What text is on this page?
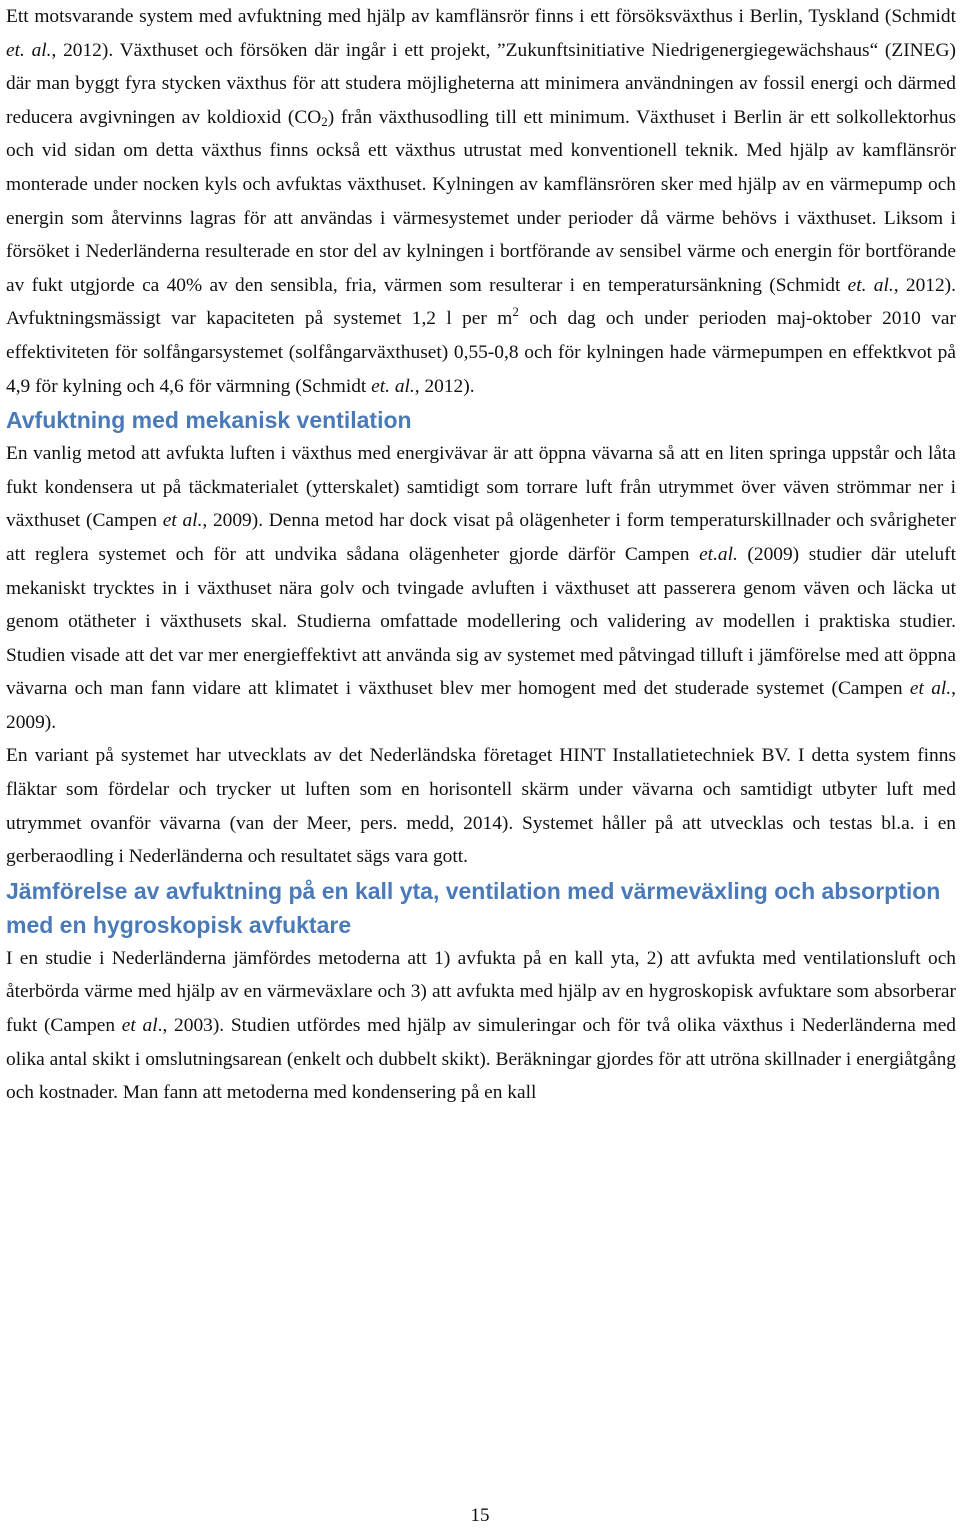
Ett motsvarande system med avfuktning med hjälp av kamflänsrör finns i ett försöksväxthus i Berlin, Tyskland (Schmidt et. al., 2012). Växthuset och försöken där ingår i ett projekt, ”Zukunftsinitiative Niedrigenergiegewächshaus“ (ZINEG) där man byggt fyra stycken växthus för att studera möjligheterna att minimera användningen av fossil energi och därmed reducera avgivningen av koldioxid $(CO_2)$ från växthusodling till ett minimum. Växthuset i Berlin är ett solkollektorhus och vid sidan om detta växthus finns också ett växthus utrustat med konventionell teknik. Med hjälp av kamflänsrör monterade under nocken kyls och avfuktas växthuset. Kylningen av kamflänsrören sker med hjälp av en värmepump och energin som återvinns lagras för att användas i värmesystemet under perioder då värme behövs i växthuset. Liksom i försöket i Nederländerna resulterade en stor del av kylningen i bortförande av sensibel värme och energin för bortförande av fukt utgjorde ca 40% av den sensibla, fria, värmen som resulterar i en temperatursänkning (Schmidt et. al., 2012). Avfuktningsmässigt var kapaciteten på systemet 1,2 l per $m^2$ och dag och under perioden maj-oktober 2010 var effektiviteten för solfångarsystemet (solfångarväxthuset) 0,55-0,8 och för kylningen hade värmepumpen en effektkvot på 4,9 för kylning och 4,6 för värmning (Schmidt et. al., 2012).

Avfuktning med mekanisk ventilation

En vanlig metod att avfukta luften i växthus med energivävar är att öppna vävarna så att en liten springa uppstår och låta fukt kondensera ut på täckmaterialet (ytterskalet) samtidigt som torrare luft från utrymmet över väven strömmar ner i växthuset (Campen et al., 2009). Denna metod har dock visat på olägenheter i form temperaturskillnader och svårigheter att reglera systemet och för att undvika sådana olägenheter gjorde därför Campen et.al. (2009) studier där uteluft mekaniskt trycktes in i växthuset nära golv och tvingade avluften i växthuset att passerera genom väven och läcka ut genom otätheter i växthusets skal. Studierna omfattade modellering och validering av modellen i praktiska studier. Studien visade att det var mer energieffektivt att använda sig av systemet med påtvingad tilluft i jämförelse med att öppna vävarna och man fann vidare att klimatet i växthuset blev mer homogent med det studerade systemet (Campen et al., 2009).

En variant på systemet har utvecklats av det Nederländska företaget HINT Installatietechniek BV. I detta system finns fläktar som fördelar och trycker ut luften som en horisontell skärm under vävarna och samtidigt utbyter luft med utrymmet ovanför vävarna (van der Meer, pers. medd, 2014). Systemet håller på att utvecklas och testas bl.a. i en gerberaodling i Nederländerna och resultatet sägs vara gott.

Jämförelse av avfuktning på en kall yta, ventilation med värmeväxling och absorption med en hygroskopisk avfuktare

I en studie i Nederländerna jämfördes metoderna att 1) avfukta på en kall yta, 2) att avfukta med ventilationsluft och återbörda värme med hjälp av en värmeväxlare och 3) att avfukta med hjälp av en hygroskopisk avfuktare som absorberar fukt (Campen et al., 2003). Studien utfördes med hjälp av simuleringar och för två olika växthus i Nederländerna med olika antal skikt i omslutningsarean (enkelt och dubbelt skikt). Beräkningar gjordes för att utröna skillnader i energiåtgång och kostnader. Man fann att metoderna med kondensering på en kall

15
